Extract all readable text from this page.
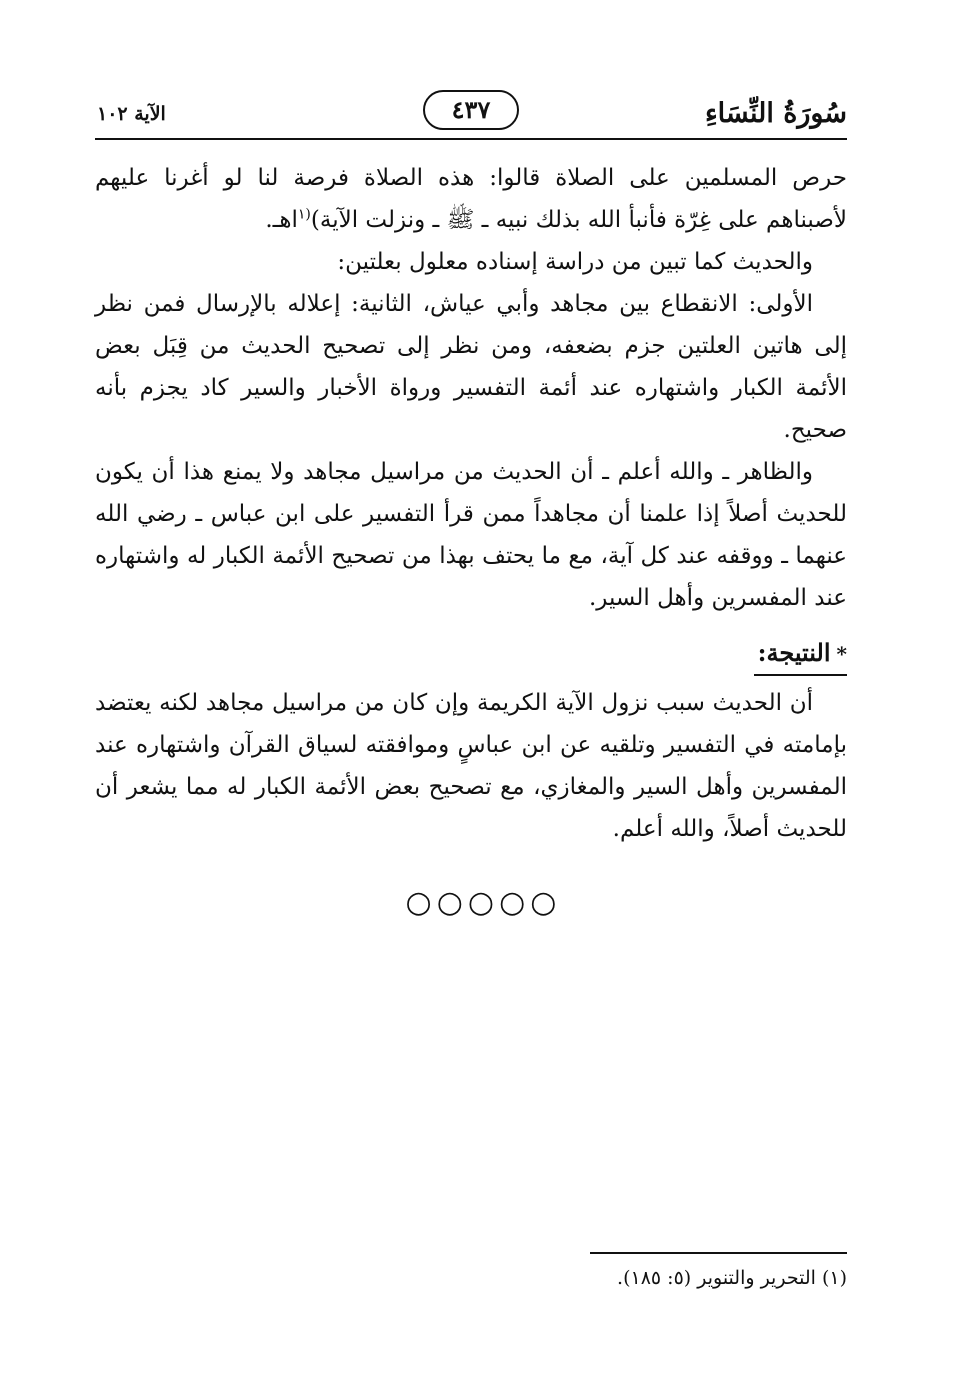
سُورَةُ النِّسَاءِ
٤٣٧
الآية ١٠٢

حرص المسلمين على الصلاة قالوا: هذه الصلاة فرصة لنا لو أغرنا عليهم لأصبناهم على غِرّة فأنبأ الله بذلك نبيه ـ ﷺ ـ ونزلت الآية)$^{(١}$اهـ.

والحديث كما تبين من دراسة إسناده معلول بعلتين:

الأولى: الانقطاع بين مجاهد وأبي عياش، الثانية: إعلاله بالإرسال فمن نظر إلى هاتين العلتين جزم بضعفه، ومن نظر إلى تصحيح الحديث من قِبَل بعض الأئمة الكبار واشتهاره عند أئمة التفسير ورواة الأخبار والسير كاد يجزم بأنه صحيح.

والظاهر ـ والله أعلم ـ أن الحديث من مراسيل مجاهد ولا يمنع هذا أن يكون للحديث أصلاً إذا علمنا أن مجاهداً ممن قرأ التفسير على ابن عباس ـ رضي الله عنهما ـ ووقفه عند كل آية، مع ما يحتف بهذا من تصحيح الأئمة الكبار له واشتهاره عند المفسرين وأهل السير.

*النتيجة:

أن الحديث سبب نزول الآية الكريمة وإن كان من مراسيل مجاهد لكنه يعتضد بإمامته في التفسير وتلقيه عن ابن عباسٍ وموافقته لسياق القرآن واشتهاره عند المفسرين وأهل السير والمغازي، مع تصحيح بعض الأئمة الكبار له مما يشعر أن للحديث أصلاً، والله أعلم.

○○○○○
(١) التحرير والتنوير (٥: ١٨٥).
